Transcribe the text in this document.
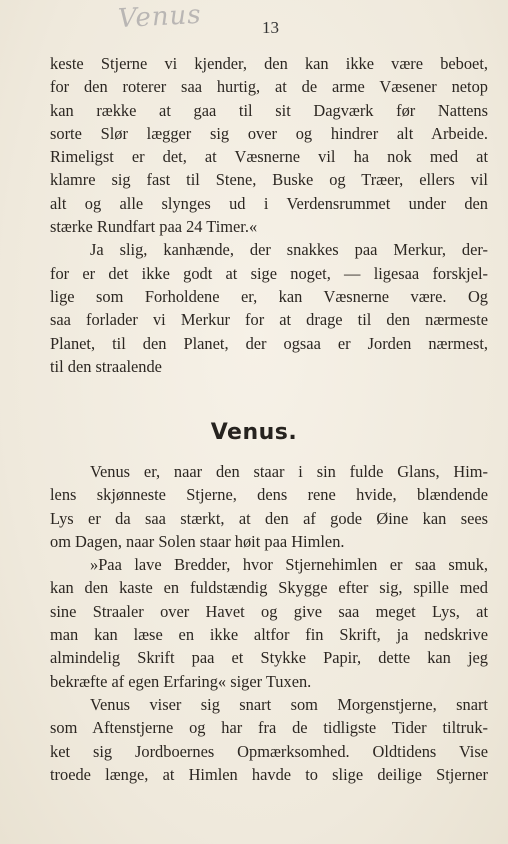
Venus	13
keste Stjerne vi kjender, den kan ikke være beboet,
for den roterer saa hurtig, at de arme Væsener netop
kan række at gaa til sit Dagværk før Nattens
sorte Slør lægger sig over og hindrer alt Arbeide.
Rimeligst er det, at Væsnerne vil ha nok med at
klamre sig fast til Stene, Buske og Træer, ellers vil
alt og alle slynges ud i Verdensrummet under den
stærke Rundfart paa 24 Timer.«
Ja slig, kanhænde, der snakkes paa Merkur, der-
for er det ikke godt at sige noget, — ligesaa forskjel-
lige som Forholdene er, kan Væsnerne være. Og
saa forlader vi Merkur for at drage til den nærmeste
Planet, til den Planet, der ogsaa er Jorden nærmest,
til den straalende
Venus.
Venus er, naar den staar i sin fulde Glans, Him-
lens skjønneste Stjerne, dens rene hvide, blændende
Lys er da saa stærkt, at den af gode Øine kan sees
om Dagen, naar Solen staar høit paa Himlen.
»Paa lave Bredder, hvor Stjernehimlen er saa smuk,
kan den kaste en fuldstændig Skygge efter sig, spille med
sine Straaler over Havet og give saa meget Lys, at
man kan læse en ikke altfor fin Skrift, ja nedskrive
almindelig Skrift paa et Stykke Papir, dette kan jeg
bekræfte af egen Erfaring« siger Tuxen.
Venus viser sig snart som Morgenstjerne, snart
som Aftenstjerne og har fra de tidligste Tider tiltruk-
ket sig Jordboernes Opmærksomhed. Oldtidens Vise
troede længe, at Himlen havde to slige deilige Stjerner
